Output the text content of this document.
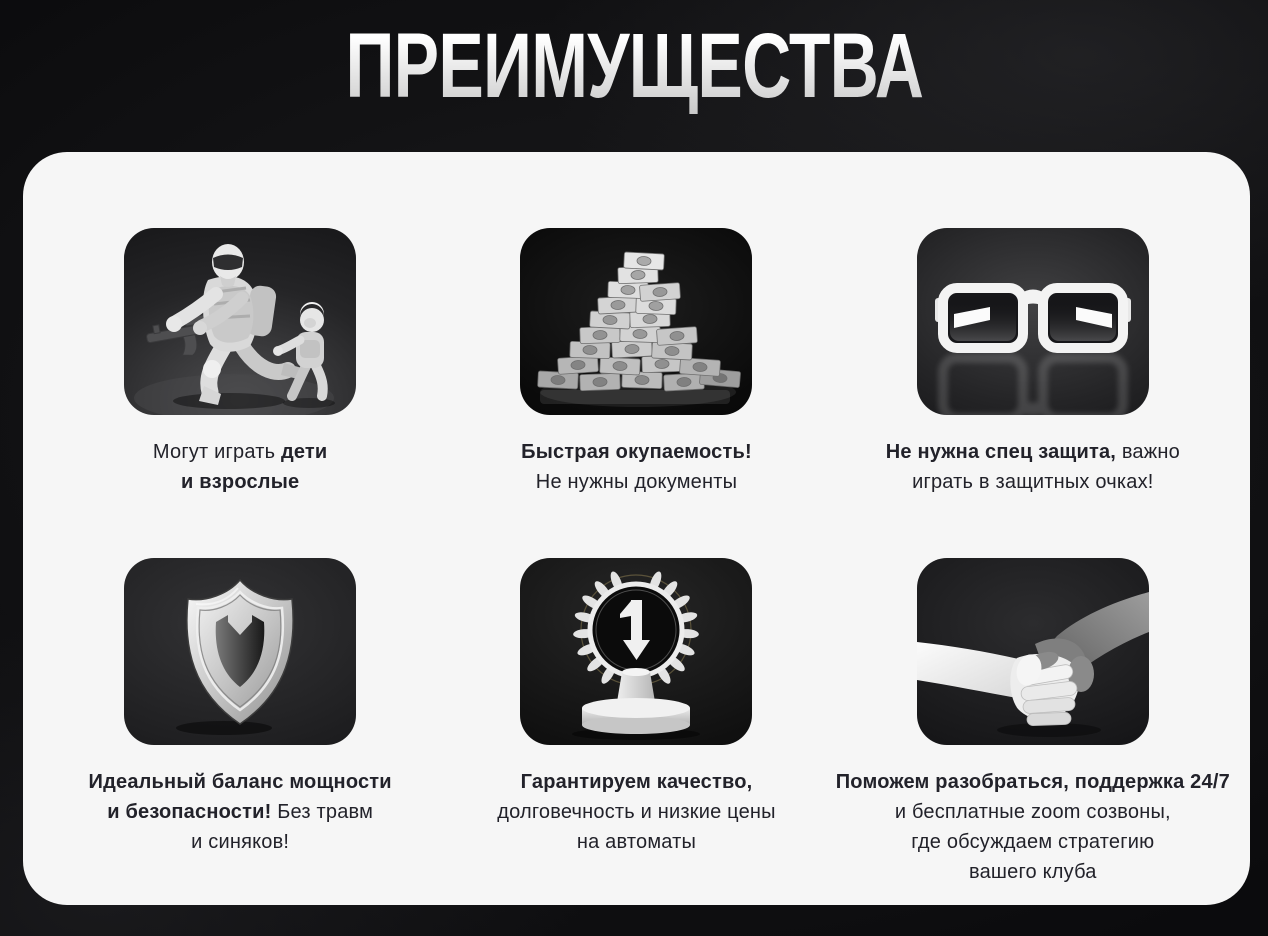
ПРЕИМУЩЕСТВА
Могут играть дети
и взрослые
Быстрая окупаемость!
Не нужны документы
Не нужна спец защита, важно
играть в защитных очках!
Идеальный баланс мощности
и безопасности! Без травм
и синяков!
Гарантируем качество,
долговечность и низкие цены
на автоматы
Поможем разобраться, поддержка 24/7
и бесплатные zoom созвоны,
где обсуждаем стратегию
вашего клуба
